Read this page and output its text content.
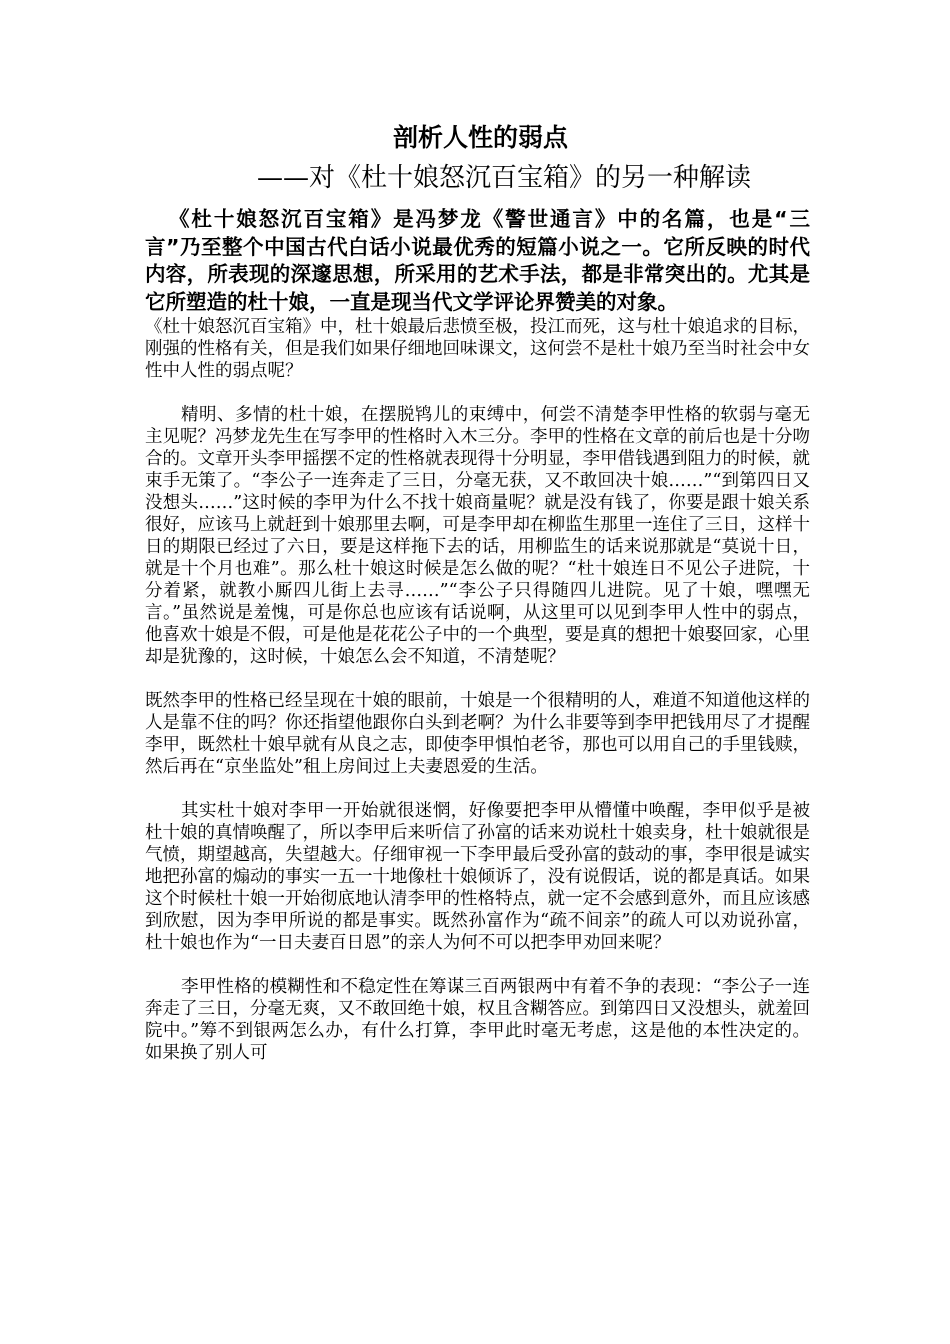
剖析人性的弱点
——对《杜十娘怒沉百宝箱》的另一种解读

《杜十娘怒沉百宝箱》是冯梦龙《警世通言》中的名篇，也是“三言”乃至整个中国古代白话小说最优秀的短篇小说之一。它所反映的时代内容，所表现的深邃思想，所采用的艺术手法，都是非常突出的。尤其是它所塑造的杜十娘，一直是现当代文学评论界赞美的对象。

《杜十娘怒沉百宝箱》中，杜十娘最后悲愤至极，投江而死，这与杜十娘追求的目标，刚强的性格有关，但是我们如果仔细地回味课文，这何尝不是杜十娘乃至当时社会中女性中人性的弱点呢？

精明、多情的杜十娘，在摆脱鸨儿的束缚中，何尝不清楚李甲性格的软弱与毫无主见呢？冯梦龙先生在写李甲的性格时入木三分。李甲的性格在文章的前后也是十分吻合的。文章开头李甲摇摆不定的性格就表现得十分明显，李甲借钱遇到阻力的时候，就束手无策了。“李公子一连奔走了三日，分毫无获，又不敢回决十娘……”“到第四日又没想头……”这时候的李甲为什么不找十娘商量呢？就是没有钱了，你要是跟十娘关系很好，应该马上就赶到十娘那里去啊，可是李甲却在柳监生那里一连住了三日，这样十日的期限已经过了六日，要是这样拖下去的话，用柳监生的话来说那就是“莫说十日，就是十个月也难”。那么杜十娘这时候是怎么做的呢？“杜十娘连日不见公子进院，十分着紧，就教小厮四儿街上去寻……”“李公子只得随四儿进院。见了十娘，嘿嘿无言。”虽然说是羞愧，可是你总也应该有话说啊，从这里可以见到李甲人性中的弱点，他喜欢十娘是不假，可是他是花花公子中的一个典型，要是真的想把十娘娶回家，心里却是犹豫的，这时候，十娘怎么会不知道，不清楚呢？

既然李甲的性格已经呈现在十娘的眼前，十娘是一个很精明的人，难道不知道他这样的人是靠不住的吗？你还指望他跟你白头到老啊？为什么非要等到李甲把钱用尽了才提醒李甲，既然杜十娘早就有从良之志，即使李甲惧怕老爷，那也可以用自己的手里钱赎，然后再在“京坐监处”租上房间过上夫妻恩爱的生活。

其实杜十娘对李甲一开始就很迷惘，好像要把李甲从懵懂中唤醒，李甲似乎是被杜十娘的真情唤醒了，所以李甲后来听信了孙富的话来劝说杜十娘卖身，杜十娘就很是气愤，期望越高，失望越大。仔细审视一下李甲最后受孙富的鼓动的事，李甲很是诚实地把孙富的煽动的事实一五一十地像杜十娘倾诉了，没有说假话，说的都是真话。如果这个时候杜十娘一开始彻底地认清李甲的性格特点，就一定不会感到意外，而且应该感到欣慰，因为李甲所说的都是事实。既然孙富作为“疏不间亲”的疏人可以劝说孙富，杜十娘也作为“一日夫妻百日恩”的亲人为何不可以把李甲劝回来呢？

李甲性格的模糊性和不稳定性在筹谋三百两银两中有着不争的表现：“李公子一连奔走了三日，分毫无爽，又不敢回绝十娘，权且含糊答应。到第四日又没想头，就羞回院中。”筹不到银两怎么办，有什么打算，李甲此时毫无考虑，这是他的本性决定的。如果换了别人可
